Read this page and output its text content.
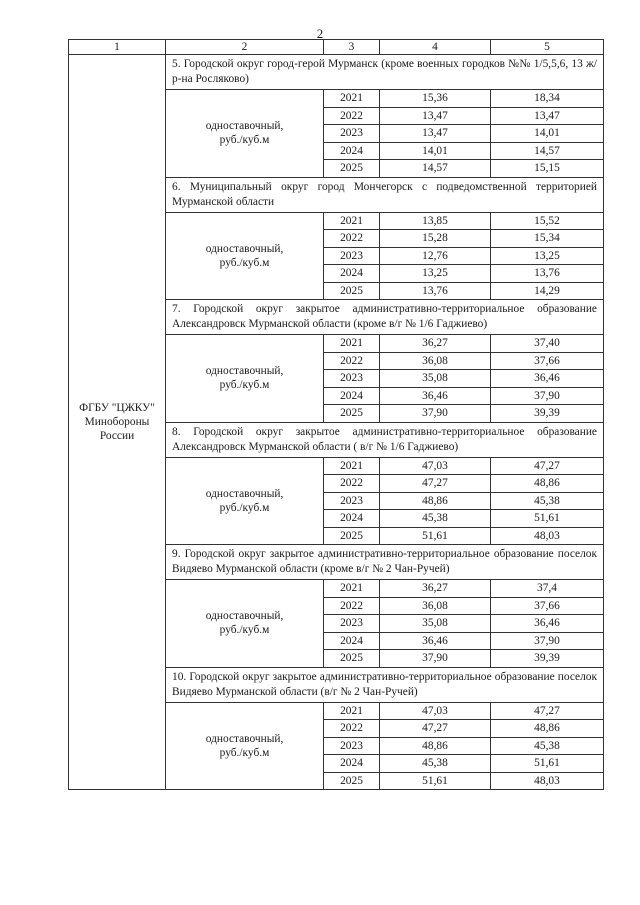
2
1	2	3	4	5

ФГБУ "ЦЖКУ"
Минобороны
России	5. Городской округ город-герой Мурманск (кроме военных городков №№ 1/5,5,6, 13 ж/р-на Росляково)			

	одноставочный,
руб./куб.м	2021	15,36	18,34
		2022	13,47	13,47
		2023	13,47	14,01
		2024	14,01	14,57
		2025	14,57	15,15
	6. Муниципальный округ город Мончегорск с подведомственной территорией Мурманской области			

	одноставочный,
руб./куб.м	2021	13,85	15,52
		2022	15,28	15,34
		2023	12,76	13,25
		2024	13,25	13,76
		2025	13,76	14,29
	7. Городской округ закрытое административно-территориальное образование Александровск Мурманской области (кроме в/г № 1/6 Гаджиево)			

	одноставочный,
руб./куб.м	2021	36,27	37,40
		2022	36,08	37,66
		2023	35,08	36,46
		2024	36,46	37,90
		2025	37,90	39,39
	8. Городской округ закрытое административно-территориальное образование Александровск Мурманской области ( в/г № 1/6 Гаджиево)			

	одноставочный,
руб./куб.м	2021	47,03	47,27
		2022	47,27	48,86
		2023	48,86	45,38
		2024	45,38	51,61
		2025	51,61	48,03
	9. Городской округ закрытое административно-территориальное образование поселок Видяево Мурманской области (кроме в/г № 2 Чан-Ручей)			

	одноставочный,
руб./куб.м	2021	36,27	37,4
		2022	36,08	37,66
		2023	35,08	36,46
		2024	36,46	37,90
		2025	37,90	39,39
	10. Городской округ закрытое административно-территориальное образование поселок Видяево Мурманской области (в/г № 2 Чан-Ручей)			

	одноставочный,
руб./куб.м	2021	47,03	47,27
		2022	47,27	48,86
		2023	48,86	45,38
		2024	45,38	51,61
		2025	51,61	48,03
